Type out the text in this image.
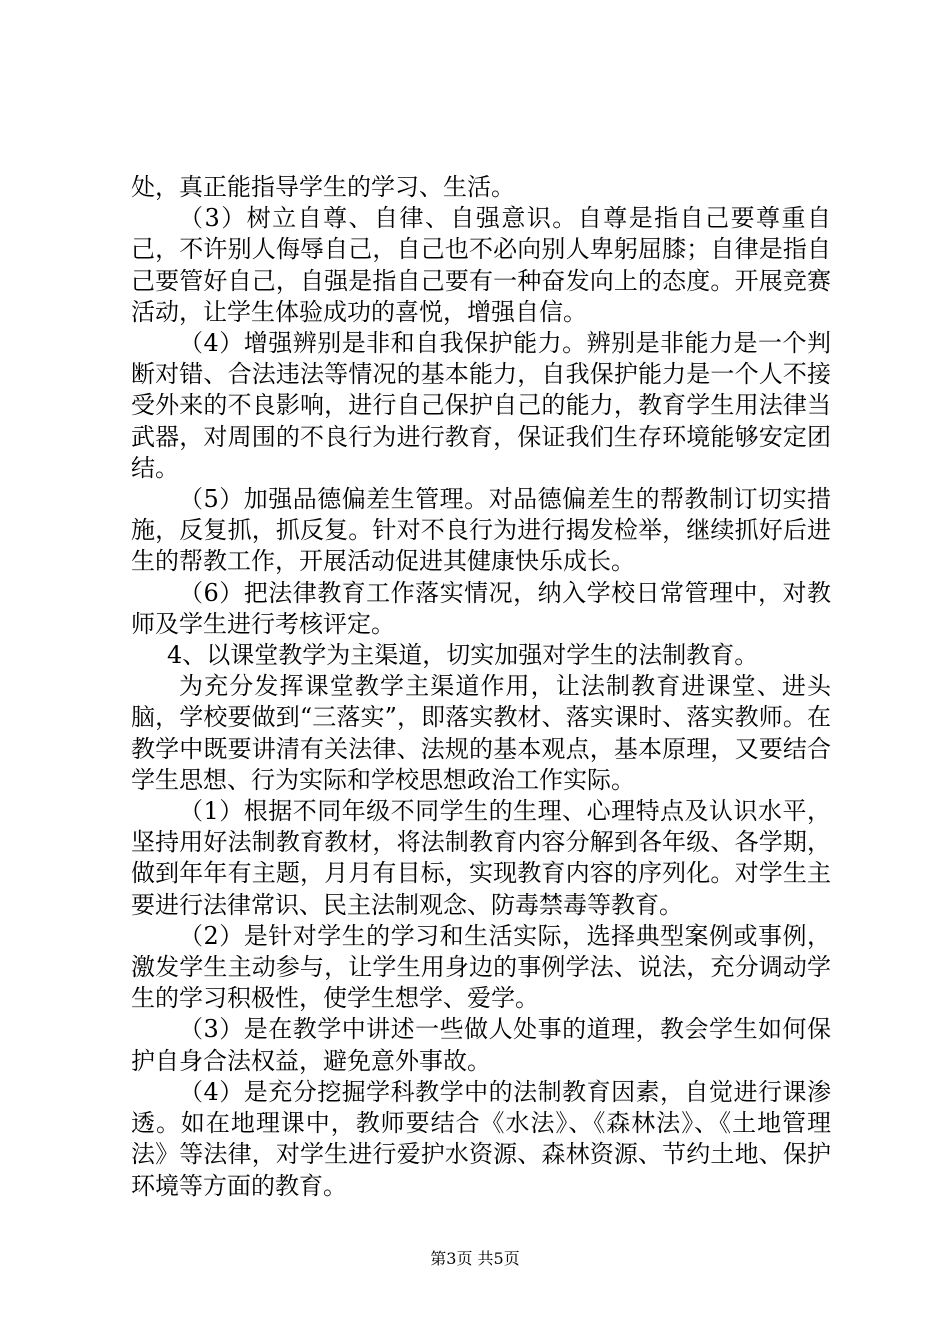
处，真正能指导学生的学习、生活。

（3）树立自尊、自律、自强意识。自尊是指自己要尊重自己，不许别人侮辱自己，自己也不必向别人卑躬屈膝；自律是指自己要管好自己，自强是指自己要有一种奋发向上的态度。开展竞赛活动，让学生体验成功的喜悦，增强自信。

（4）增强辨别是非和自我保护能力。辨别是非能力是一个判断对错、合法违法等情况的基本能力，自我保护能力是一个人不接受外来的不良影响，进行自己保护自己的能力，教育学生用法律当武器，对周围的不良行为进行教育，保证我们生存环境能够安定团结。

（5）加强品德偏差生管理。对品德偏差生的帮教制订切实措施，反复抓，抓反复。针对不良行为进行揭发检举，继续抓好后进生的帮教工作，开展活动促进其健康快乐成长。

（6）把法律教育工作落实情况，纳入学校日常管理中，对教师及学生进行考核评定。

4、以课堂教学为主渠道，切实加强对学生的法制教育。

为充分发挥课堂教学主渠道作用，让法制教育进课堂、进头脑，学校要做到“三落实”，即落实教材、落实课时、落实教师。在教学中既要讲清有关法律、法规的基本观点，基本原理，又要结合学生思想、行为实际和学校思想政治工作实际。

（1）根据不同年级不同学生的生理、心理特点及认识水平，坚持用好法制教育教材，将法制教育内容分解到各年级、各学期，做到年年有主题，月月有目标，实现教育内容的序列化。对学生主要进行法律常识、民主法制观念、防毒禁毒等教育。

（2）是针对学生的学习和生活实际，选择典型案例或事例，激发学生主动参与，让学生用身边的事例学法、说法，充分调动学生的学习积极性，使学生想学、爱学。

（3）是在教学中讲述一些做人处事的道理，教会学生如何保护自身合法权益，避免意外事故。

（4）是充分挖掘学科教学中的法制教育因素，自觉进行课渗透。如在地理课中，教师要结合《水法》、《森林法》、《土地管理法》等法律，对学生进行爱护水资源、森林资源、节约土地、保护环境等方面的教育。

第3页 共5页
